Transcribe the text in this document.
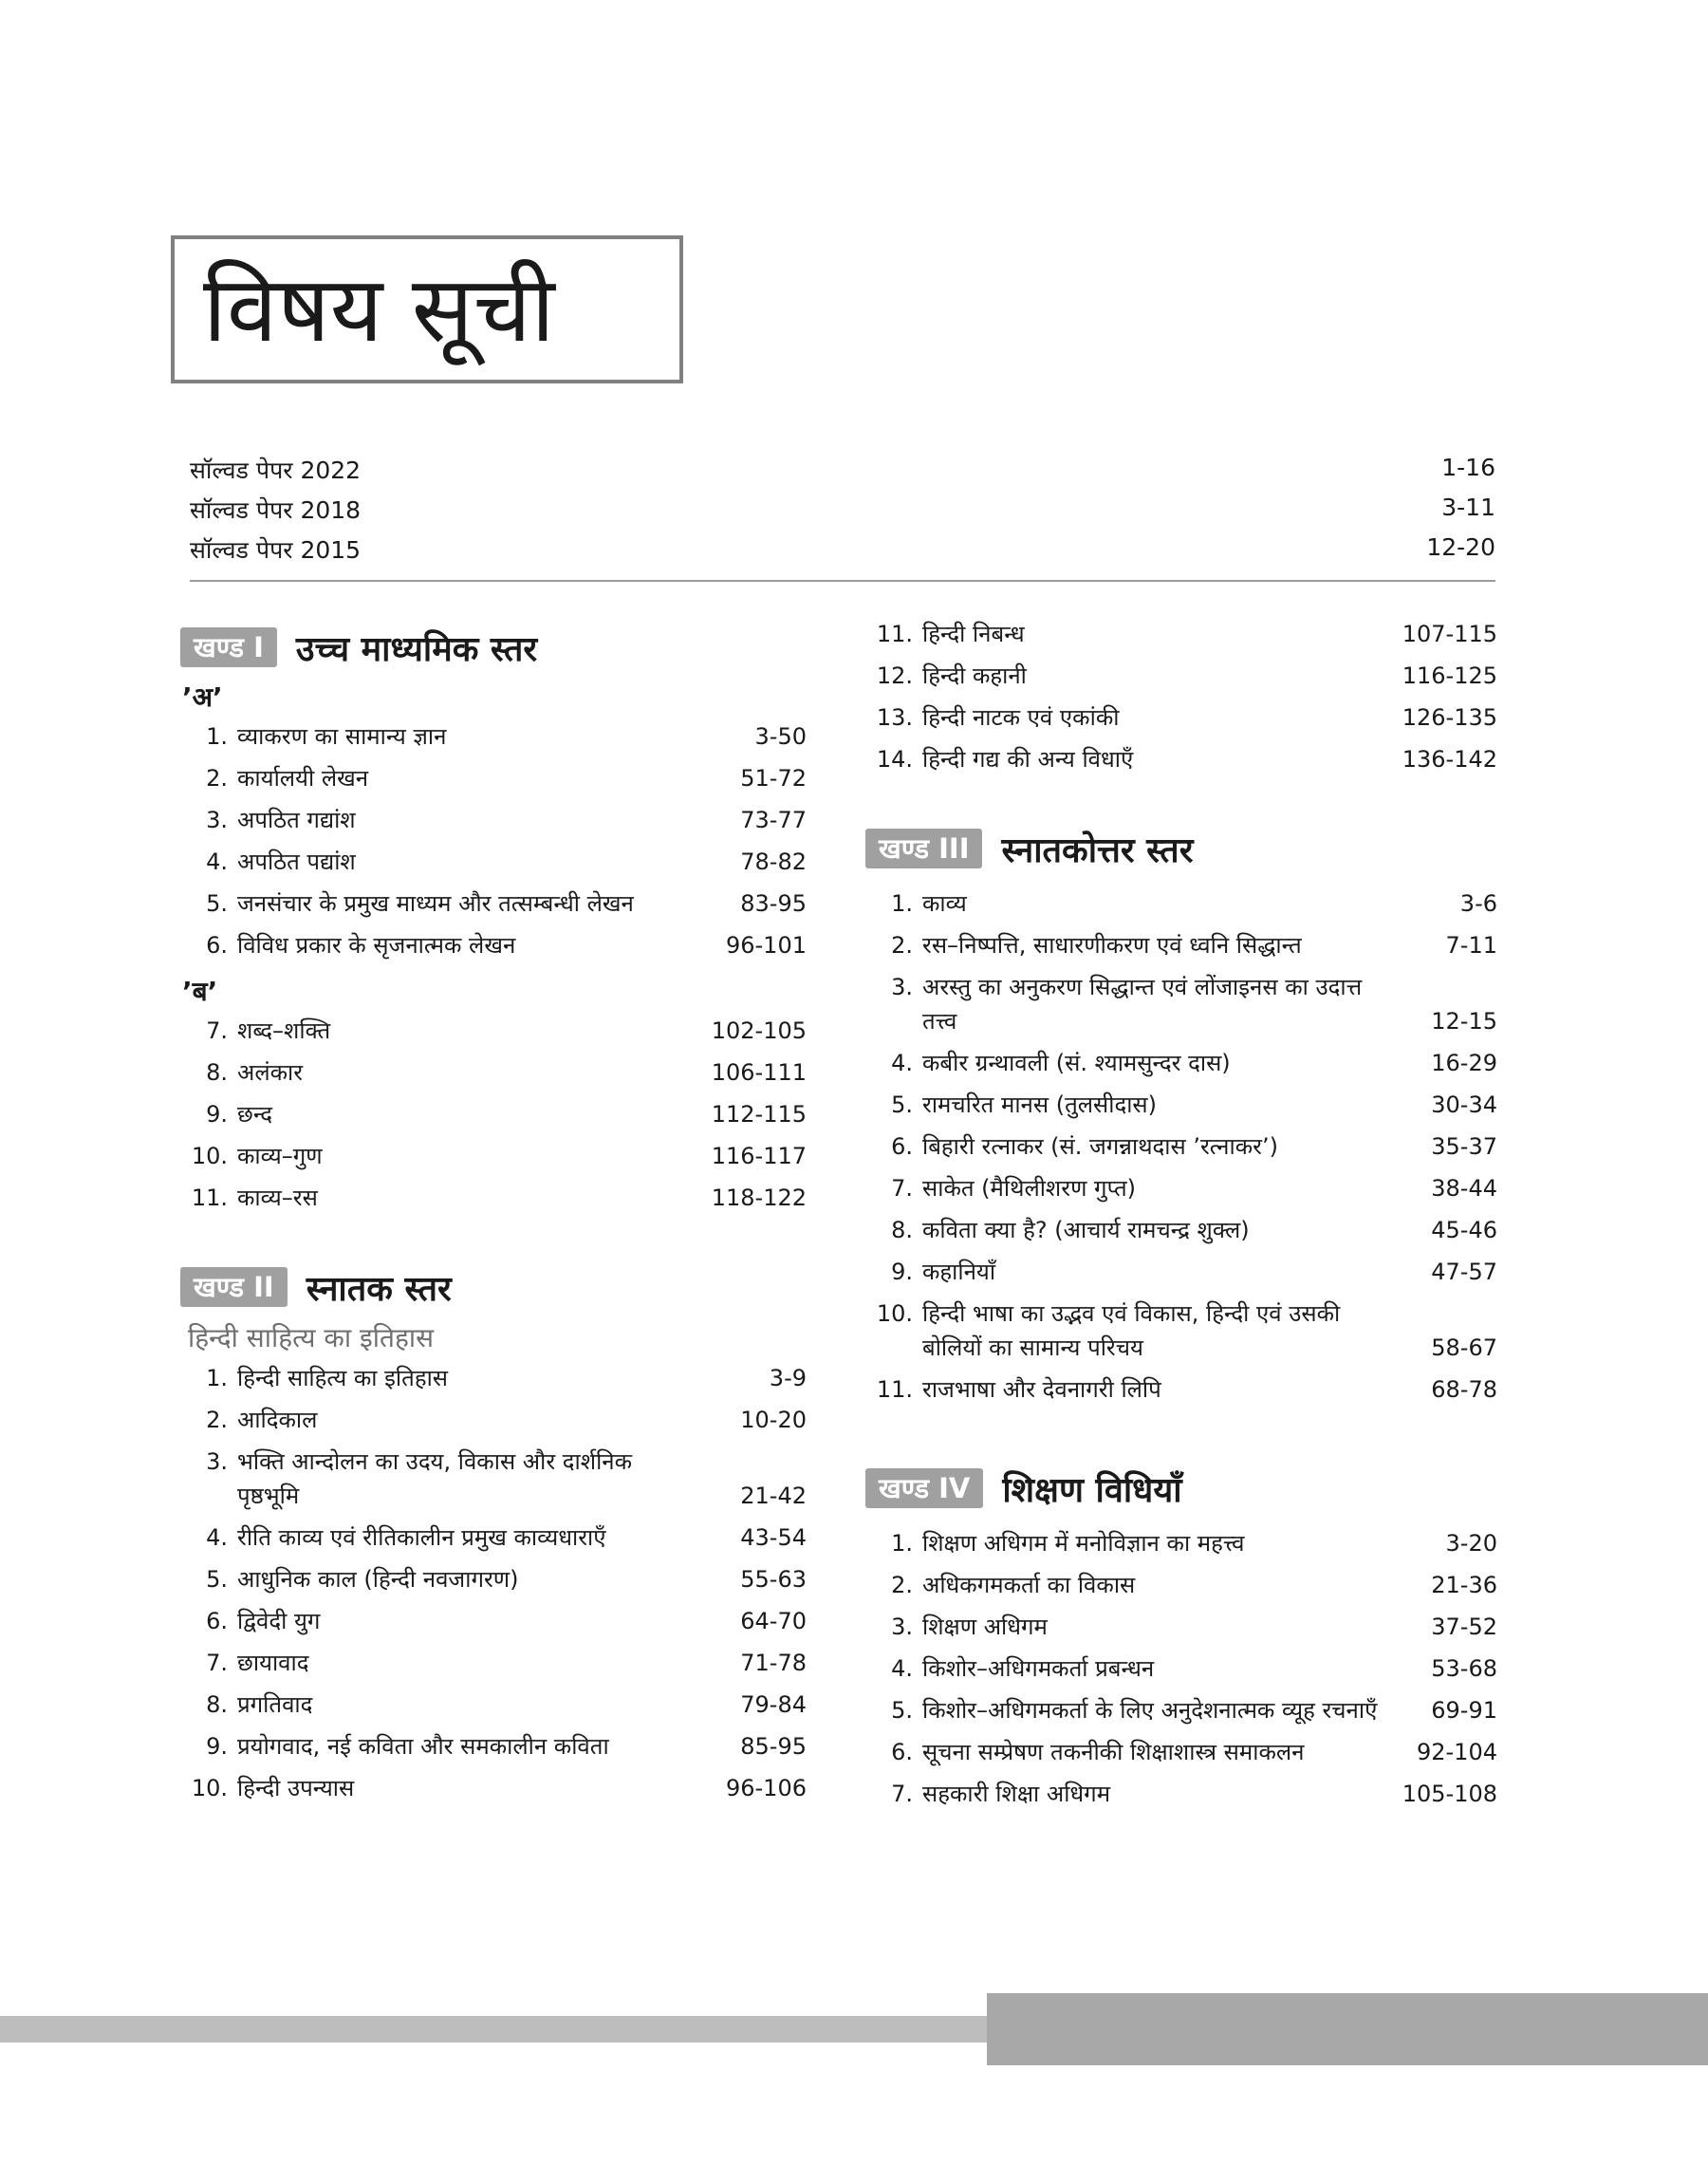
विषय सूची
सॉल्वड पेपर 2022	1-16
सॉल्वड पेपर 2018	3-11
सॉल्वड पेपर 2015	12-20
खण्ड I उच्च माध्यमिक स्तर
’अ’
1. व्याकरण का सामान्य ज्ञान	3-50
2. कार्यालयी लेखन	51-72
3. अपठित गद्यांश	73-77
4. अपठित पद्यांश	78-82
5. जनसंचार के प्रमुख माध्यम और तत्सम्बन्धी लेखन	83-95
6. विविध प्रकार के सृजनात्मक लेखन	96-101
’ब’
7. शब्द–शक्ति	102-105
8. अलंकार	106-111
9. छन्द	112-115
10. काव्य–गुण	116-117
11. काव्य–रस	118-122
खण्ड II स्नातक स्तर
हिन्दी साहित्य का इतिहास
1. हिन्दी साहित्य का इतिहास	3-9
2. आदिकाल	10-20
3. भक्ति आन्दोलन का उदय, विकास और दार्शनिक पृष्ठभूमि	21-42
4. रीति काव्य एवं रीतिकालीन प्रमुख काव्यधाराएँ	43-54
5. आधुनिक काल (हिन्दी नवजागरण)	55-63
6. द्विवेदी युग	64-70
7. छायावाद	71-78
8. प्रगतिवाद	79-84
9. प्रयोगवाद, नई कविता और समकालीन कविता	85-95
10. हिन्दी उपन्यास	96-106
11. हिन्दी निबन्ध	107-115
12. हिन्दी कहानी	116-125
13. हिन्दी नाटक एवं एकांकी	126-135
14. हिन्दी गद्य की अन्य विधाएँ	136-142
खण्ड III स्नातकोत्तर स्तर
1. काव्य	3-6
2. रस–निष्पत्ति, साधारणीकरण एवं ध्वनि सिद्धान्त	7-11
3. अरस्तु का अनुकरण सिद्धान्त एवं लोंजाइनस का उदात्त तत्त्व	12-15
4. कबीर ग्रन्थावली (सं. श्यामसुन्दर दास)	16-29
5. रामचरित मानस (तुलसीदास)	30-34
6. बिहारी रत्नाकर (सं. जगन्नाथदास ’रत्नाकर’)	35-37
7. साकेत (मैथिलीशरण गुप्त)	38-44
8. कविता क्या है? (आचार्य रामचन्द्र शुक्ल)	45-46
9. कहानियाँ	47-57
10. हिन्दी भाषा का उद्भव एवं विकास, हिन्दी एवं उसकी बोलियों का सामान्य परिचय	58-67
11. राजभाषा और देवनागरी लिपि	68-78
खण्ड IV शिक्षण विधियाँ
1. शिक्षण अधिगम में मनोविज्ञान का महत्त्व	3-20
2. अधिकगमकर्ता का विकास	21-36
3. शिक्षण अधिगम	37-52
4. किशोर–अधिगमकर्ता प्रबन्धन	53-68
5. किशोर–अधिगमकर्ता के लिए अनुदेशनात्मक व्यूह रचनाएँ	69-91
6. सूचना सम्प्रेषण तकनीकी शिक्षाशास्त्र समाकलन	92-104
7. सहकारी शिक्षा अधिगम	105-108
